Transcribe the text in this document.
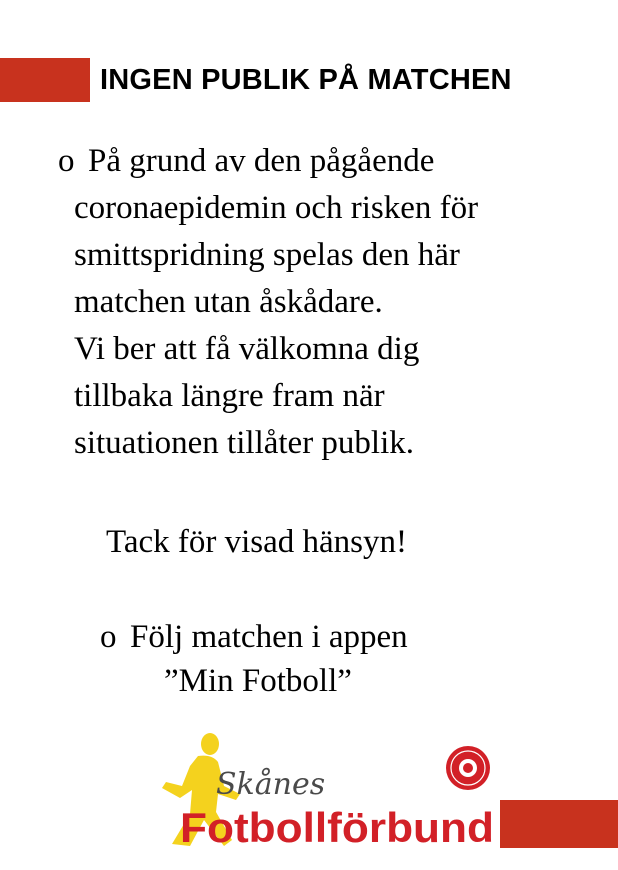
INGEN PUBLIK PÅ MATCHEN
o På grund av den pågående
coronaepidemin och risken för
smittspridning spelas den här
matchen utan åskådare.
Vi ber att få välkomna dig
tillbaka längre fram när
situationen tillåter publik.
Tack för visad hänsyn!
o Följ matchen i appen
”Min Fotboll”
Skånes
Fotbollförbund
